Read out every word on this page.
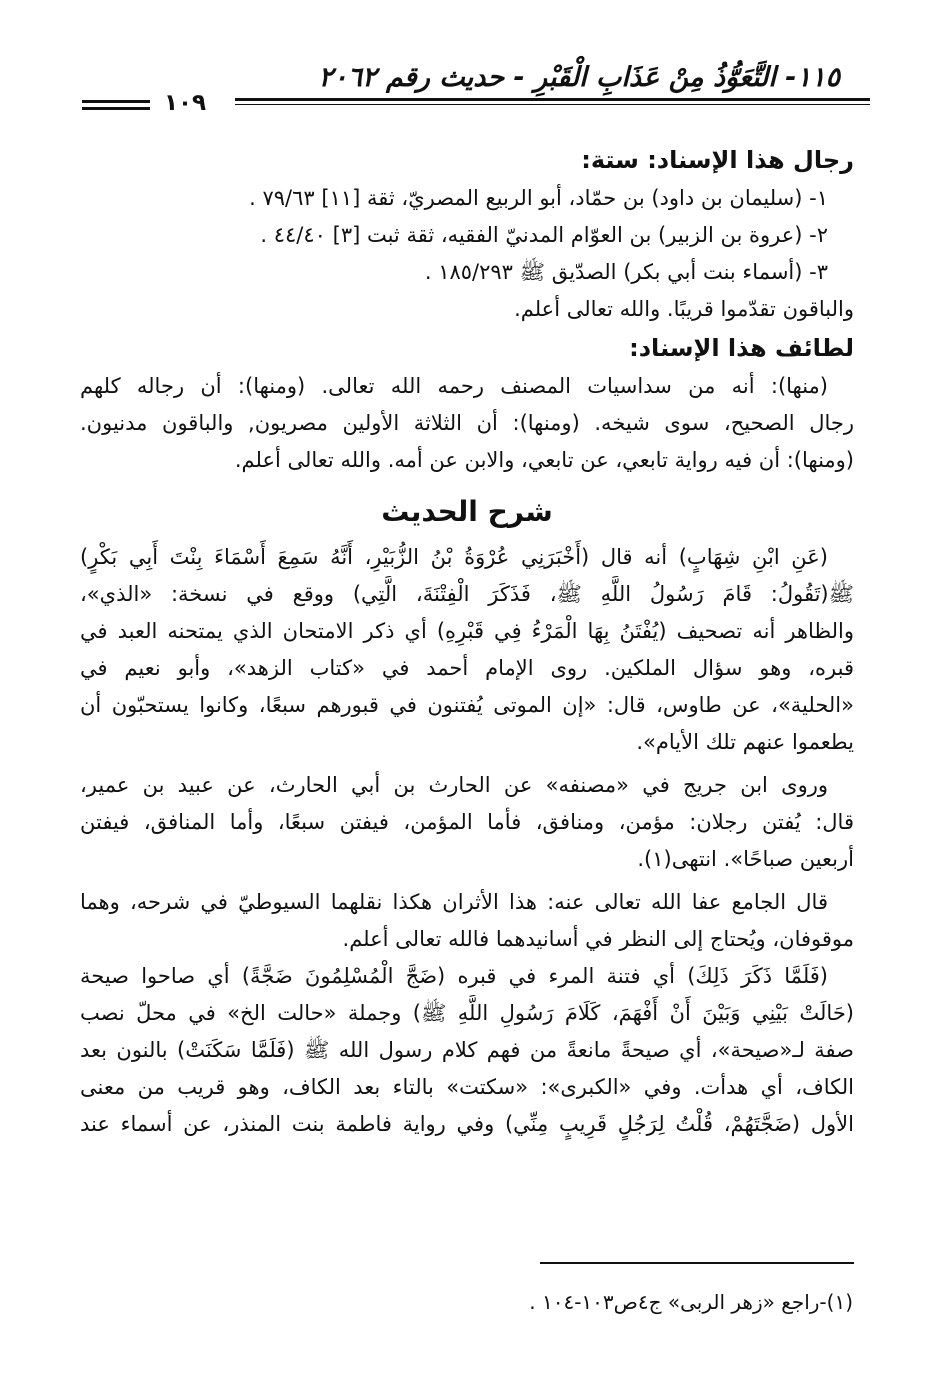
١١٥- التَّعَوُّذُ مِنْ عَذَابِ الْقَبْرِ - حديث رقم ٢٠٦٢
١٠٩

رجال هذا الإسناد: ستة:

١- (سليمان بن داود) بن حمّاد، أبو الربيع المصريّ، ثقة [١١] ٧٩/٦٣ .

٢- (عروة بن الزبير) بن العوّام المدنيّ الفقيه، ثقة ثبت [٣] ٤٤/٤٠ .

٣- (أسماء بنت أبي بكر) الصدّيق ﷺ ١٨٥/٢٩٣ .

والباقون تقدّموا قريبًا. والله تعالى أعلم.

لطائف هذا الإسناد:

(منها): أنه من سداسيات المصنف رحمه الله تعالى. (ومنها): أن رجاله كلهم

رجال الصحيح، سوى شيخه. (ومنها): أن الثلاثة الأولين مصريون, والباقون مدنيون.

(ومنها): أن فيه رواية تابعي، عن تابعي، والابن عن أمه. والله تعالى أعلم.

شرح الحديث

(عَنِ ابْنِ شِهَابٍ) أنه قال (أَخْبَرَنِي عُرْوَةُ بْنُ الزُّبَيْرِ، أَنَّهُ سَمِعَ أَسْمَاءَ بِنْتَ أَبِي بَكْرٍ)

ﷺ(تَقُولُ: قَامَ رَسُولُ اللَّهِ ﷺ، فَذَكَرَ الْفِتْنَةَ، الَّتِي) ووقع في نسخة: «الذي»،

والظاهر أنه تصحيف (يُفْتَنُ بِهَا الْمَرْءُ فِي قَبْرِهِ) أي ذكر الامتحان الذي يمتحنه العبد في

قبره، وهو سؤال الملكين. روى الإمام أحمد في «كتاب الزهد»، وأبو نعيم في

«الحلية»، عن طاوس، قال: «إن الموتى يُفتنون في قبورهم سبعًا، وكانوا يستحبّون أن

يطعموا عنهم تلك الأيام».

وروى ابن جريج في «مصنفه» عن الحارث بن أبي الحارث، عن عبيد بن عمير،

قال: يُفتن رجلان: مؤمن، ومنافق، فأما المؤمن، فيفتن سبعًا، وأما المنافق، فيفتن

أربعين صباحًا». انتهى(١).

قال الجامع عفا الله تعالى عنه: هذا الأثران هكذا نقلهما السيوطيّ في شرحه، وهما

موقوفان، ويُحتاج إلى النظر في أسانيدهما فالله تعالى أعلم.

(فَلَمَّا ذَكَرَ ذَلِكَ) أي فتنة المرء في قبره (ضَجَّ الْمُسْلِمُونَ ضَجَّةً) أي صاحوا صيحة

(حَالَتْ بَيْنِي وَبَيْنَ أَنْ أَفْهَمَ، كَلَامَ رَسُولِ اللَّهِ ﷺ) وجملة «حالت الخ» في محلّ نصب

صفة لـ«صيحة»، أي صيحةً مانعةً من فهم كلام رسول الله ﷺ (فَلَمَّا سَكَنَتْ) بالنون بعد

الكاف، أي هدأت. وفي «الكبرى»: «سكتت» بالتاء بعد الكاف، وهو قريب من معنى

الأول (ضَجَّتَهُمْ، قُلْتُ لِرَجُلٍ قَرِيبٍ مِنِّي) وفي رواية فاطمة بنت المنذر، عن أسماء عند

(١)-راجع «زهر الربى» ج٤ص١٠٣-١٠٤ .
